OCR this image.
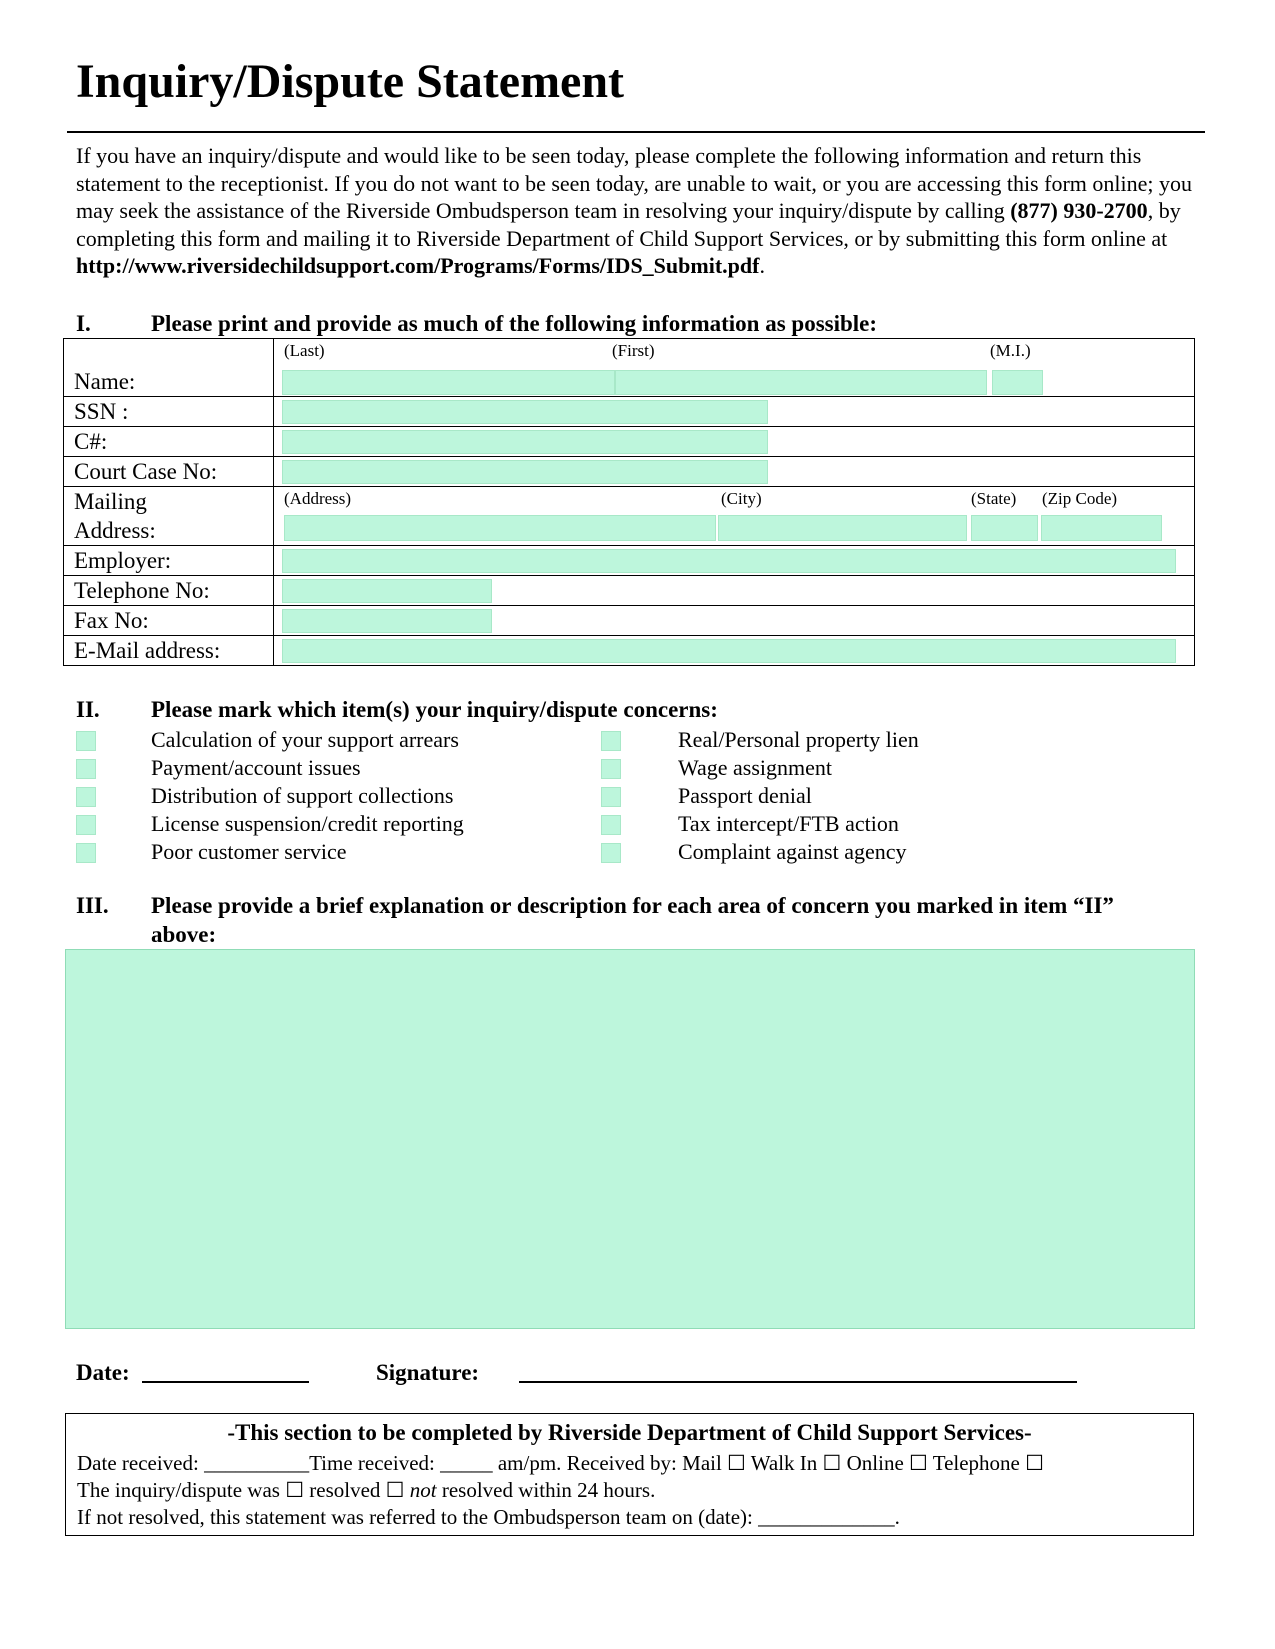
Inquiry/Dispute Statement

If you have an inquiry/dispute and would like to be seen today, please complete the following information and return this statement to the receptionist. If you do not want to be seen today, are unable to wait, or you are accessing this form online; you may seek the assistance of the Riverside Ombudsperson team in resolving your inquiry/dispute by calling (877) 930-2700, by completing this form and mailing it to Riverside Department of Child Support Services, or by submitting this form online at http://www.riversidechildsupport.com/Programs/Forms/IDS_Submit.pdf.

I.	Please print and provide as much of the following information as possible:
Name:	(Last) (First) (M.I.)

SSN :	

C#:	

Court Case No:	

Mailing
Address:	(Address) (City) (State) (Zip Code)

Employer:	

Telephone No:	

Fax No:	

E-Mail address:	
II. Please mark which item(s) your inquiry/dispute concerns:
Calculation of your support arrears
Payment/account issues
Distribution of support collections
License suspension/credit reporting
Poor customer service
Real/Personal property lien
Wage assignment
Passport denial
Tax intercept/FTB action
Complaint against agency
III. Please provide a brief explanation or description for each area of concern you marked in item “II”
above:
Date:	Signature:
-This section to be completed by Riverside Department of Child Support Services-
Date received: __________Time received: _____ am/pm. Received by: Mail ☐ Walk In ☐ Online ☐ Telephone ☐
The inquiry/dispute was ☐ resolved ☐ not resolved within 24 hours.
If not resolved, this statement was referred to the Ombudsperson team on (date): _____________.
